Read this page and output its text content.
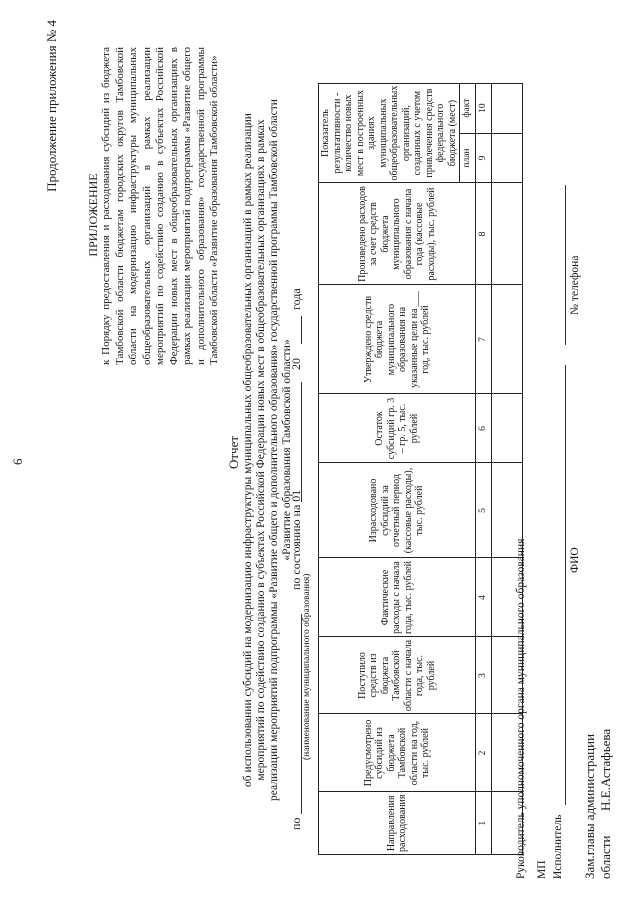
6
Продолжение приложения № 4
ПРИЛОЖЕНИЕ к Порядку предоставления и расходования субсидий из бюджета Тамбовской области бюджетам городских округов Тамбовской области на модернизацию инфраструктуры муниципальных общеобразовательных организаций в рамках реализации мероприятий по содействию созданию в субъектах Российской Федерации новых мест в общеобразовательных организациях в рамках реализации мероприятий подпрограммы «Развитие общего и дополнительного образования» государственной программы Тамбовской области «Развитие образования Тамбовской области»
Отчет об использовании субсидий на модернизацию инфраструктуры муниципальных общеобразовательных организаций в рамках реализации мероприятий по содействию созданию в субъектах Российской Федерации новых мест в общеобразовательных организациях в рамках реализации мероприятий подпрограммы «Развитие общего и дополнительного образования» государственной программы Тамбовской области «Развитие образования Тамбовской области»
по
(наименование муниципального образования)
по состоянию на 01
20
года
Направления расходования	Предусмотрено субсидий из бюджета Тамбовской области на год, тыс. рублей	Поступило средств из бюджета Тамбовской области с начала года, тыс. рублей	Фактические расходы с начала года, тыс. рублей	Израсходовано субсидий за отчетный период (кассовые расходы), тыс. рублей	Остаток субсидий гр. 3 – гр. 5, тыс. рублей	Утверждено средств бюджета муниципального образования на указанные цели на ___ год, тыс. рублей	Произведено расходов за счет средств бюджета муниципального образования с начала года (кассовые расходы), тыс. рублей	Показатель результативности - количество новых мест в построенных зданиях муниципальных общеобразовательных организаций, созданных с учетом привлечения средств федерального бюджета (мест)	
								план	факт
1	2	3	4	5	6	7	8	9	10

Руководитель уполномоченного органа муниципального образования МП Исполнитель
ФИО
№ телефона
Зам.главы администрации области
Н.Е.Астафьева
